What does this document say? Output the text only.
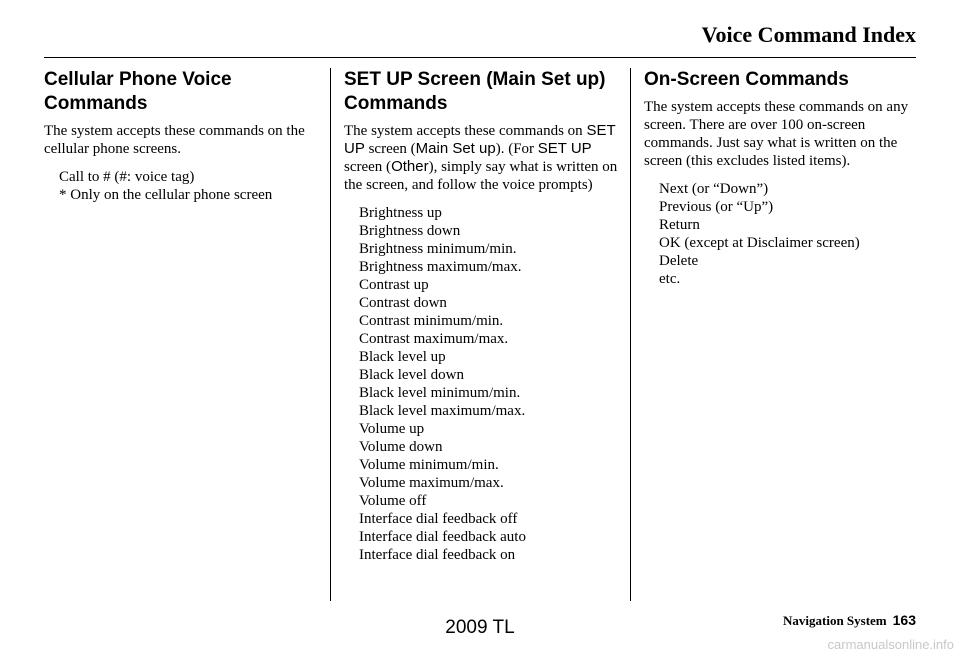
Voice Command Index
Cellular Phone Voice Commands

The system accepts these commands on the cellular phone screens.

Call to # (#: voice tag)
* Only on the cellular phone screen
SET UP Screen (Main Set up) Commands

The system accepts these commands on SET UP screen (Main Set up). (For SET UP screen (Other), simply say what is written on the screen, and follow the voice prompts)

Brightness up
Brightness down
Brightness minimum/min.
Brightness maximum/max.
Contrast up
Contrast down
Contrast minimum/min.
Contrast maximum/max.
Black level up
Black level down
Black level minimum/min.
Black level maximum/max.
Volume up
Volume down
Volume minimum/min.
Volume maximum/max.
Volume off
Interface dial feedback off
Interface dial feedback auto
Interface dial feedback on
On-Screen Commands

The system accepts these commands on any screen. There are over 100 on-screen commands. Just say what is written on the screen (this excludes listed items).

Next (or “Down”)
Previous (or “Up”)
Return
OK (except at Disclaimer screen)
Delete
etc.
Navigation System 163
2009 TL
carmanualsonline.info
